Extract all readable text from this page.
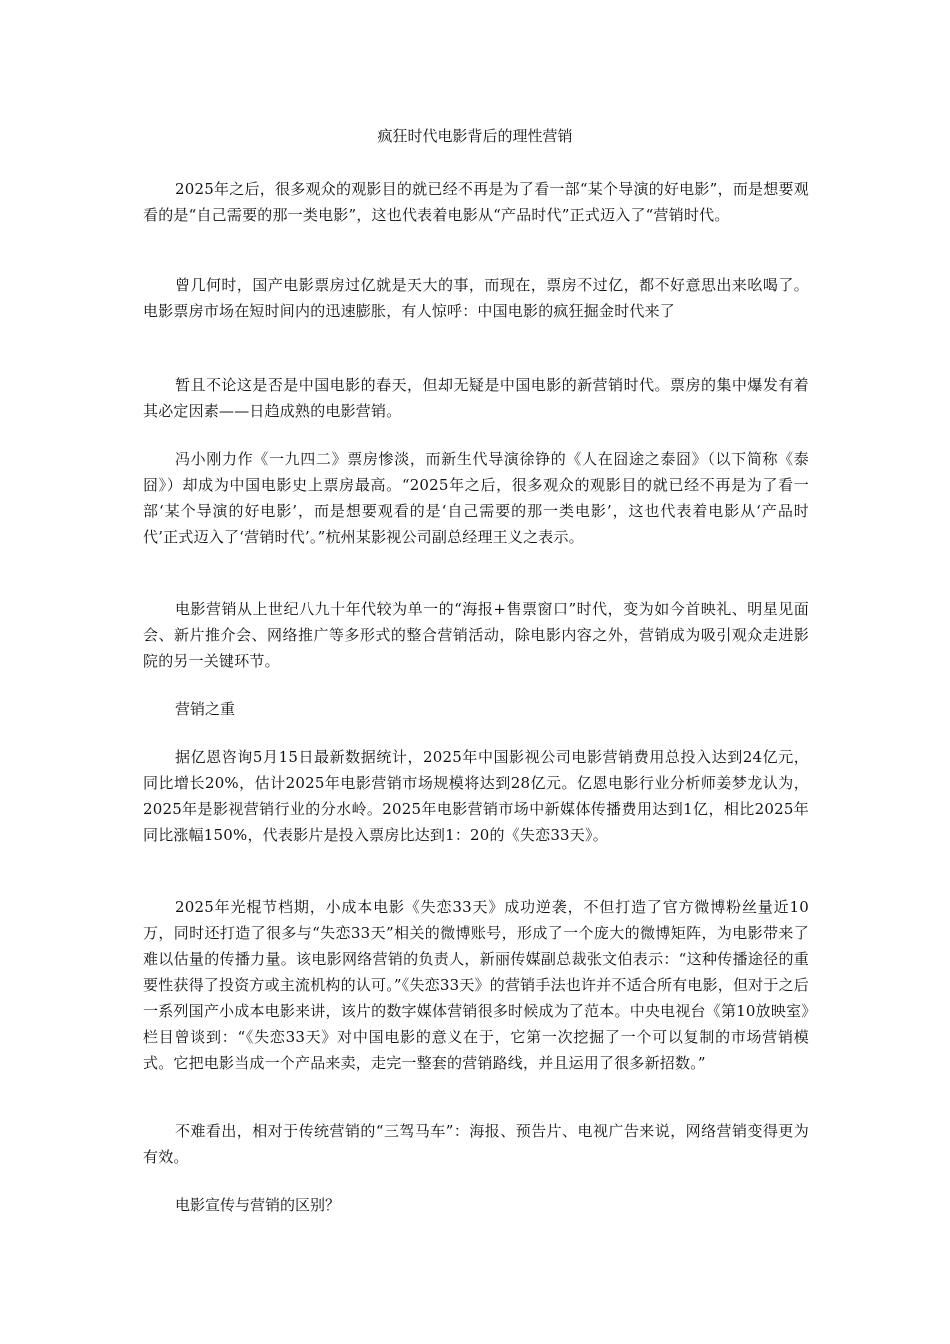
疯狂时代电影背后的理性营销

2025年之后，很多观众的观影目的就已经不再是为了看一部“某个导演的好电影”，而是想要观看的是“自己需要的那一类电影”，这也代表着电影从“产品时代”正式迈入了“营销时代。

曾几何时，国产电影票房过亿就是天大的事，而现在，票房不过亿，都不好意思出来吆喝了。电影票房市场在短时间内的迅速膨胀，有人惊呼：中国电影的疯狂掘金时代来了

暂且不论这是否是中国电影的春天，但却无疑是中国电影的新营销时代。票房的集中爆发有着其必定因素——日趋成熟的电影营销。

冯小刚力作《一九四二》票房惨淡，而新生代导演徐铮的《人在囧途之泰囧》（以下简称《泰囧》）却成为中国电影史上票房最高。“2025年之后，很多观众的观影目的就已经不再是为了看一部‘某个导演的好电影’，而是想要观看的是‘自己需要的那一类电影’，这也代表着电影从‘产品时代’正式迈入了‘营销时代’。”杭州某影视公司副总经理王义之表示。

电影营销从上世纪八九十年代较为单一的“海报+售票窗口”时代，变为如今首映礼、明星见面会、新片推介会、网络推广等多形式的整合营销活动，除电影内容之外，营销成为吸引观众走进影院的另一关键环节。

营销之重

据亿恩咨询5月15日最新数据统计，2025年中国影视公司电影营销费用总投入达到24亿元，同比增长20%，估计2025年电影营销市场规模将达到28亿元。亿恩电影行业分析师姜梦龙认为，2025年是影视营销行业的分水岭。2025年电影营销市场中新媒体传播费用达到1亿，相比2025年同比涨幅150%，代表影片是投入票房比达到1：20的《失恋33天》。

2025年光棍节档期，小成本电影《失恋33天》成功逆袭，不但打造了官方微博粉丝量近10万，同时还打造了很多与“失恋33天”相关的微博账号，形成了一个庞大的微博矩阵，为电影带来了难以估量的传播力量。该电影网络营销的负责人，新丽传媒副总裁张文伯表示：“这种传播途径的重要性获得了投资方或主流机构的认可。”《失恋33天》的营销手法也许并不适合所有电影，但对于之后一系列国产小成本电影来讲，该片的数字媒体营销很多时候成为了范本。中央电视台《第10放映室》栏目曾谈到：“《失恋33天》对中国电影的意义在于，它第一次挖掘了一个可以复制的市场营销模式。它把电影当成一个产品来卖，走完一整套的营销路线，并且运用了很多新招数。”

不难看出，相对于传统营销的“三驾马车”：海报、预告片、电视广告来说，网络营销变得更为有效。

电影宣传与营销的区别？
